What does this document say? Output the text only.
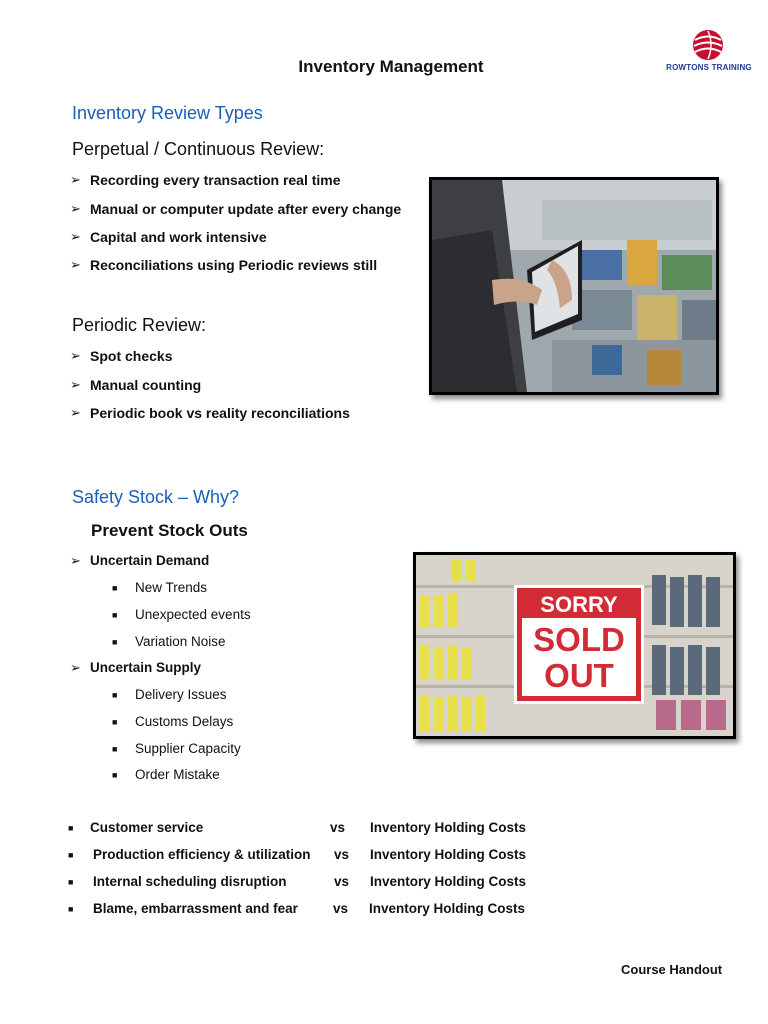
Inventory Management	ROWTONS TRAINING
Inventory Review Types
Perpetual / Continuous Review:
➢ Recording every transaction real time
➢ Manual or computer update after every change
➢ Capital and work intensive
➢ Reconciliations using Periodic reviews still
Periodic Review:
➢ Spot checks
➢ Manual counting
➢ Periodic book vs reality reconciliations
Safety Stock – Why?
Prevent Stock Outs
➢ Uncertain Demand
■ New Trends
■ Unexpected events
■ Variation Noise
➢ Uncertain Supply
■ Delivery Issues
■ Customs Delays
■ Supplier Capacity
■ Order Mistake
SORRY
SOLD
OUT
■ Customer service	vs Inventory Holding Costs
■ Production efficiency & utilization vs Inventory Holding Costs
■ Internal scheduling disruption	vs Inventory Holding Costs
■ Blame, embarrassment and fear	vs Inventory Holding Costs
Course Handout
